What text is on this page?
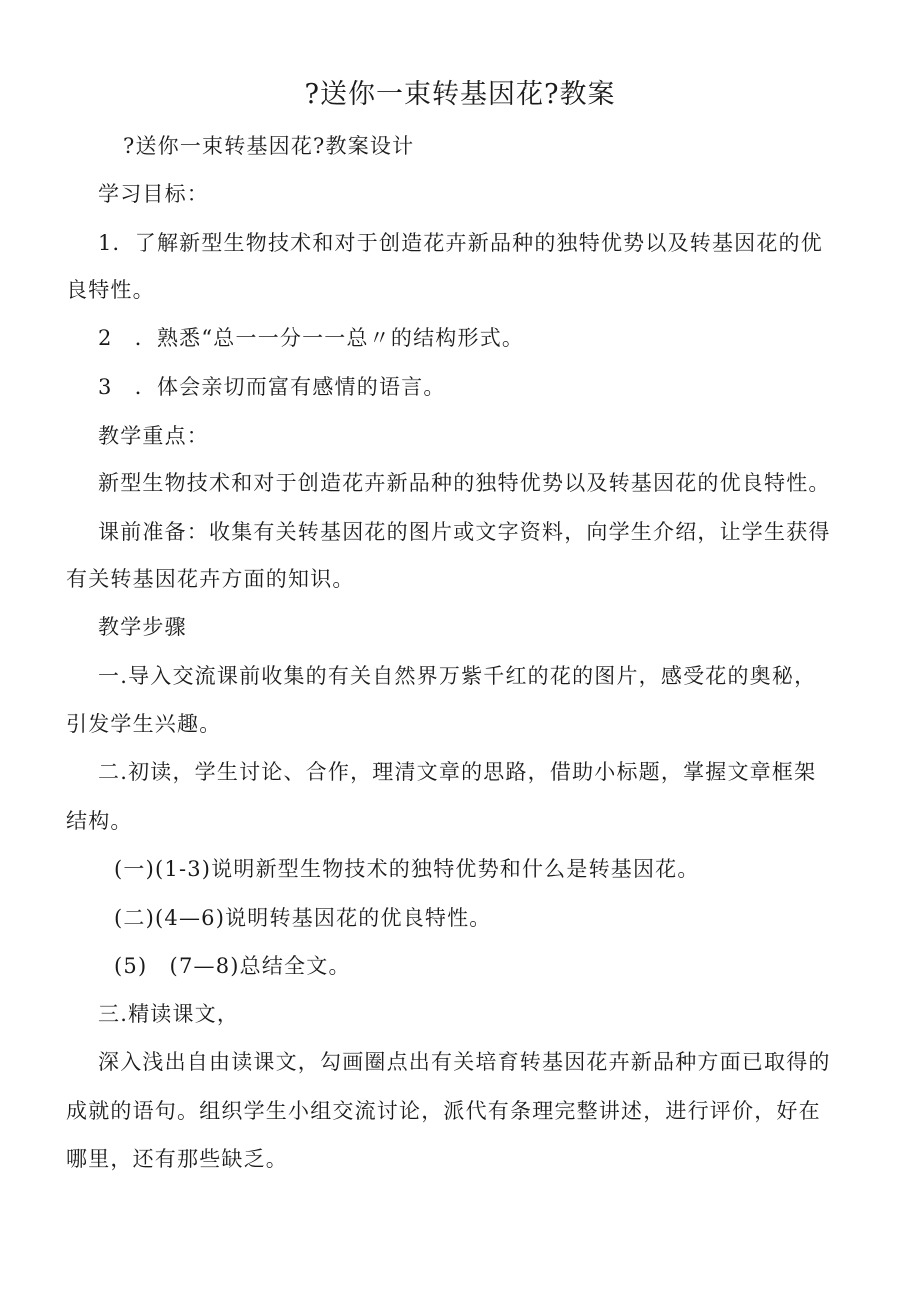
?送你一束转基因花?教案

?送你一束转基因花?教案设计

学习目标：

1．了解新型生物技术和对于创造花卉新品种的独特优势以及转基因花的优

良特性。

2　．熟悉“总一一分一一总〃的结构形式。

3　．体会亲切而富有感情的语言。

教学重点：

新型生物技术和对于创造花卉新品种的独特优势以及转基因花的优良特性。

课前准备：收集有关转基因花的图片或文字资料，向学生介绍，让学生获得

有关转基因花卉方面的知识。

教学步骤

一.导入交流课前收集的有关自然界万紫千红的花的图片，感受花的奥秘，

引发学生兴趣。

二.初读，学生讨论、合作，理清文章的思路，借助小标题，掌握文章框架

结构。

(一)(1-3)说明新型生物技术的独特优势和什么是转基因花。

(二)(4—6)说明转基因花的优良特性。

(5)　(7—8)总结全文。

三.精读课文，

深入浅出自由读课文，勾画圈点出有关培育转基因花卉新品种方面已取得的

成就的语句。组织学生小组交流讨论，派代有条理完整讲述，进行评价，好在

哪里，还有那些缺乏。
